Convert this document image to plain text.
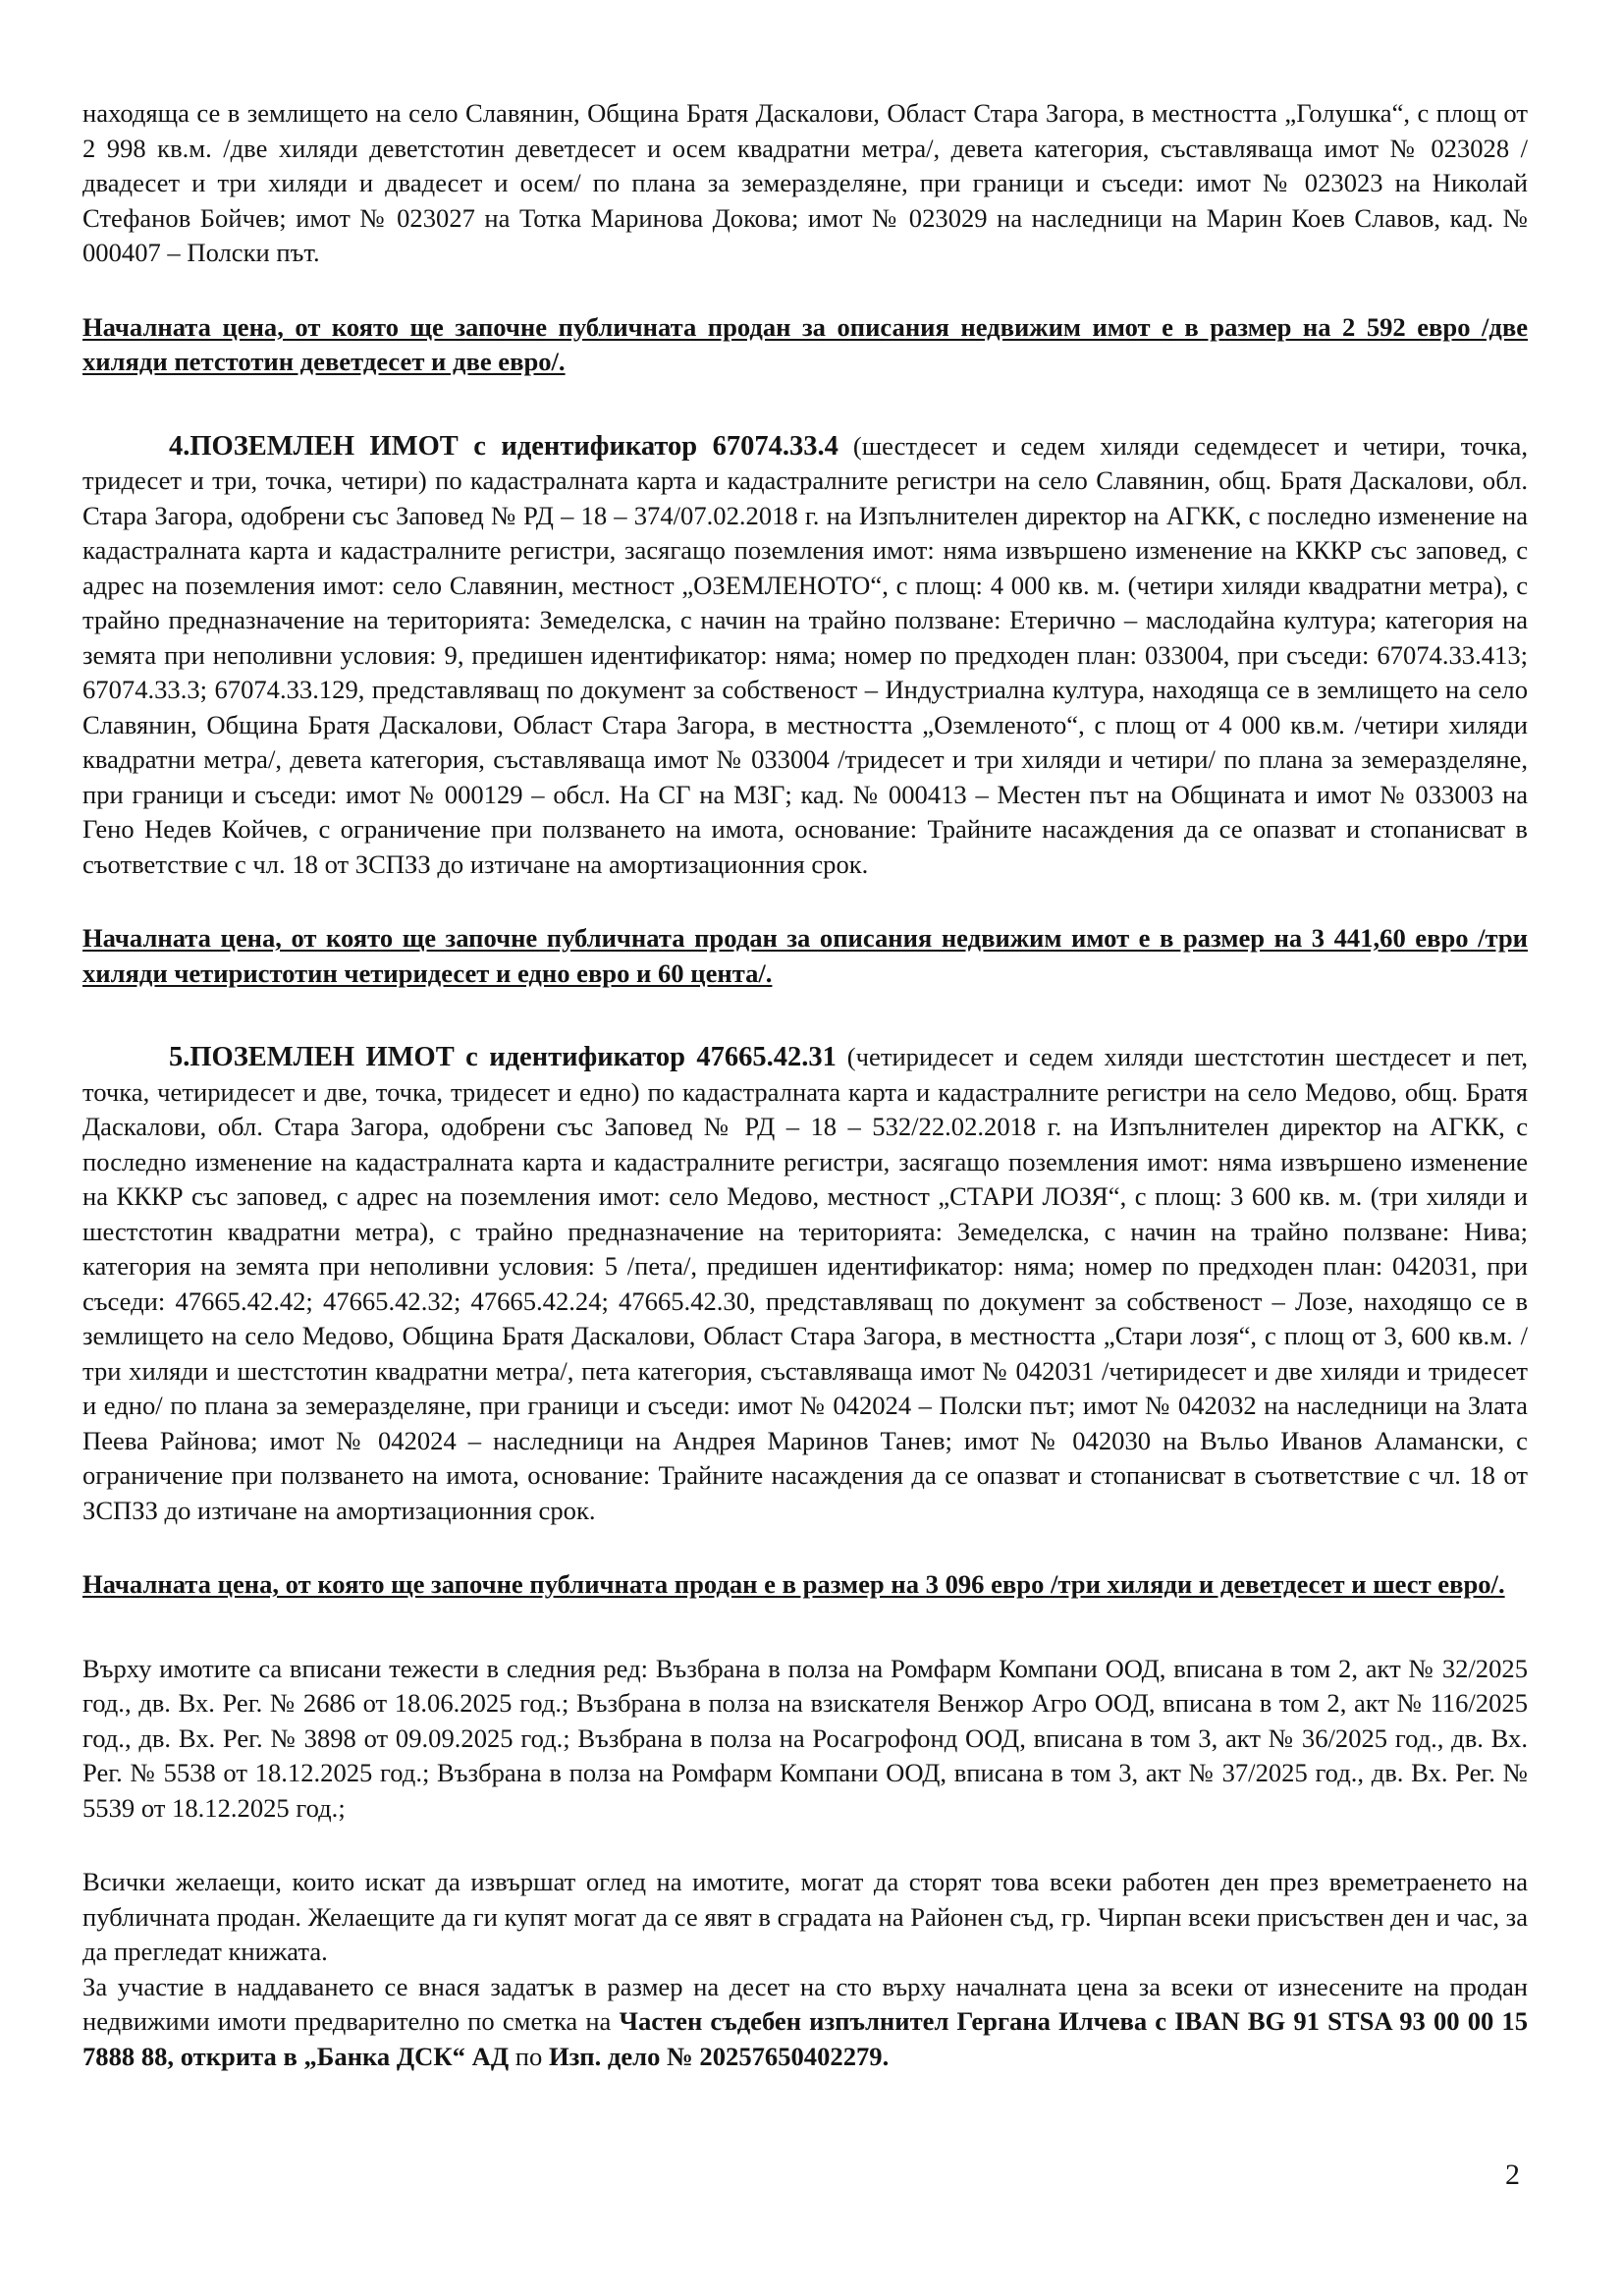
находяща се в землището на село Славянин, Община Братя Даскалови, Област Стара Загора, в местността „Голушка“, с площ от 2 998 кв.м. /две хиляди деветстотин деветдесет и осем квадратни метра/, девета категория, съставляваща имот № 023028 /двадесет и три хиляди и двадесет и осем/ по плана за земеразделяне, при граници и съседи: имот № 023023 на Николай Стефанов Бойчев; имот № 023027 на Тотка Маринова Докова; имот № 023029 на наследници на Марин Коев Славов, кад. № 000407 – Полски път.

Началната цена, от която ще започне публичната продан за описания недвижим имот е в размер на 2 592 евро /две хиляди петстотин деветдесет и две евро/.

4.ПОЗЕМЛЕН ИМОТ с идентификатор 67074.33.4 (шестдесет и седем хиляди седемдесет и четири, точка, тридесет и три, точка, четири) по кадастралната карта и кадастралните регистри на село Славянин, общ. Братя Даскалови, обл. Стара Загора, одобрени със Заповед № РД – 18 – 374/07.02.2018 г. на Изпълнителен директор на АГКК, с последно изменение на кадастралната карта и кадастралните регистри, засягащо поземления имот: няма извършено изменение на КККР със заповед, с адрес на поземления имот: село Славянин, местност „ОЗЕМЛЕНОТО“, с площ: 4 000 кв. м. (четири хиляди квадратни метра), с трайно предназначение на територията: Земеделска, с начин на трайно ползване: Етерично – маслодайна култура; категория на земята при неполивни условия: 9, предишен идентификатор: няма; номер по предходен план: 033004, при съседи: 67074.33.413; 67074.33.3; 67074.33.129, представляващ по документ за собственост – Индустриална култура, находяща се в землището на село Славянин, Община Братя Даскалови, Област Стара Загора, в местността „Оземленото“, с площ от 4 000 кв.м. /четири хиляди квадратни метра/, девета категория, съставляваща имот № 033004 /тридесет и три хиляди и четири/ по плана за земеразделяне, при граници и съседи: имот № 000129 – обсл. На СГ на МЗГ; кад. № 000413 – Местен път на Общината и имот № 033003 на Гено Недев Койчев, с ограничение при ползването на имота, основание: Трайните насаждения да се опазват и стопанисват в съответствие с чл. 18 от ЗСПЗЗ до изтичане на амортизационния срок.

Началната цена, от която ще започне публичната продан за описания недвижим имот е в размер на 3 441,60 евро /три хиляди четиристотин четиридесет и едно евро и 60 цента/.

5.ПОЗЕМЛЕН ИМОТ с идентификатор 47665.42.31 (четиридесет и седем хиляди шестстотин шестдесет и пет, точка, четиридесет и две, точка, тридесет и едно) по кадастралната карта и кадастралните регистри на село Медово, общ. Братя Даскалови, обл. Стара Загора, одобрени със Заповед № РД – 18 – 532/22.02.2018 г. на Изпълнителен директор на АГКК, с последно изменение на кадастралната карта и кадастралните регистри, засягащо поземления имот: няма извършено изменение на КККР със заповед, с адрес на поземления имот: село Медово, местност „СТАРИ ЛОЗЯ“, с площ: 3 600 кв. м. (три хиляди и шестстотин квадратни метра), с трайно предназначение на територията: Земеделска, с начин на трайно ползване: Нива; категория на земята при неполивни условия: 5 /пета/, предишен идентификатор: няма; номер по предходен план: 042031, при съседи: 47665.42.42; 47665.42.32; 47665.42.24; 47665.42.30, представляващ по документ за собственост – Лозе, находящо се в землището на село Медово, Община Братя Даскалови, Област Стара Загора, в местността „Стари лозя“, с площ от 3, 600 кв.м. /три хиляди и шестстотин квадратни метра/, пета категория, съставляваща имот № 042031 /четиридесет и две хиляди и тридесет и едно/ по плана за земеразделяне, при граници и съседи: имот № 042024 – Полски път; имот № 042032 на наследници на Злата Пеева Райнова; имот № 042024 – наследници на Андрея Маринов Танев; имот № 042030 на Въльо Иванов Аламански, с ограничение при ползването на имота, основание: Трайните насаждения да се опазват и стопанисват в съответствие с чл. 18 от ЗСПЗЗ до изтичане на амортизационния срок.

Началната цена, от която ще започне публичната продан е в размер на 3 096 евро /три хиляди и деветдесет и шест евро/.

Върху имотите са вписани тежести в следния ред: Възбрана в полза на Ромфарм Компани ООД, вписана в том 2, акт № 32/2025 год., дв. Вх. Рег. № 2686 от 18.06.2025 год.; Възбрана в полза на взискателя Венжор Агро ООД, вписана в том 2, акт № 116/2025 год., дв. Вх. Рег. № 3898 от 09.09.2025 год.; Възбрана в полза на Росагрофонд ООД, вписана в том 3, акт № 36/2025 год., дв. Вх. Рег. № 5538 от 18.12.2025 год.; Възбрана в полза на Ромфарм Компани ООД, вписана в том 3, акт № 37/2025 год., дв. Вх. Рег. № 5539 от 18.12.2025 год.;

Всички желаещи, които искат да извършат оглед на имотите, могат да сторят това всеки работен ден през времетраенето на публичната продан. Желаещите да ги купят могат да се явят в сградата на Районен съд, гр. Чирпан всеки присъствен ден и час, за да прегледат книжата.

За участие в наддаването се внася задатък в размер на десет на сто върху началната цена за всеки от изнесените на продан недвижими имоти предварително по сметка на Частен съдебен изпълнител Гергана Илчева с IBAN BG 91 STSA 93 00 00 15 7888 88, открита в „Банка ДСК“ АД по Изп. дело № 20257650402279.

2
